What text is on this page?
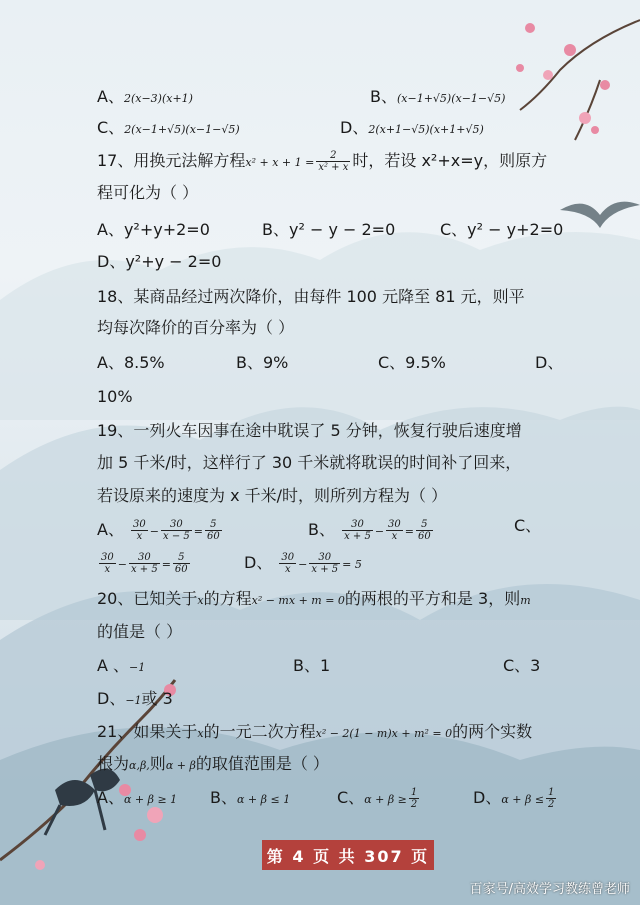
A、2(x−3)(x+1)	B、(x−1+√5)(x−1−√5)
C、2(x−1+√5)(x−1−√5)	D、2(x+1−√5)(x+1+√5)
17、用换元法解方程$x^2 + x + 1 = \frac{2}{\text{x² + x}}$ 时，若设 x²+x=y，则原方
程可化为（ ）
A、y²+y+2=0	B、y² − y − 2=0	C、y² − y+2=0
D、y²+y − 2=0
18、某商品经过两次降价，由每件 100 元降至 81 元，则平
均每次降价的百分率为（ ）
A、8.5%	B、9%	C、9.5%	D、
10%
19、一列火车因事在途中耽误了 5 分钟，恢复行驶后速度增
加 5 千米/时，这样行了 30 千米就将耽误的时间补了回来，
若设原来的速度为 x 千米/时，则所列方程为（ ）
A、 $\frac{30}{x} - \frac{30}{x - 5} = \frac{5}{60}$	B、 $\frac{30}{x + 5} - \frac{30}{x} = \frac{5}{60}$	C、
$\frac{30}{x} - \frac{30}{x + 5} = \frac{5}{60}$	D、 $\frac{30}{x} - \frac{30}{x + 5} = 5$
20、已知关于x的方程x² − mx + m = 0的两根的平方和是 3，则m
的值是（ ）
A 、−1	B、1	C、3
D、−1或 3
21、如果关于x的一元二次方程x² − 2(1 − m)x + m² = 0的两个实数
根为α,β,则α + β的取值范围是（ ）
A、α + β ≥ 1 B、α + β ≤ 1	C、$\alpha + \beta \ge \frac{1}{2}$	D、$\alpha + \beta \le \frac{1}{2}$
第 4 页 共 307 页
百家号/高效学习教练曾老师
